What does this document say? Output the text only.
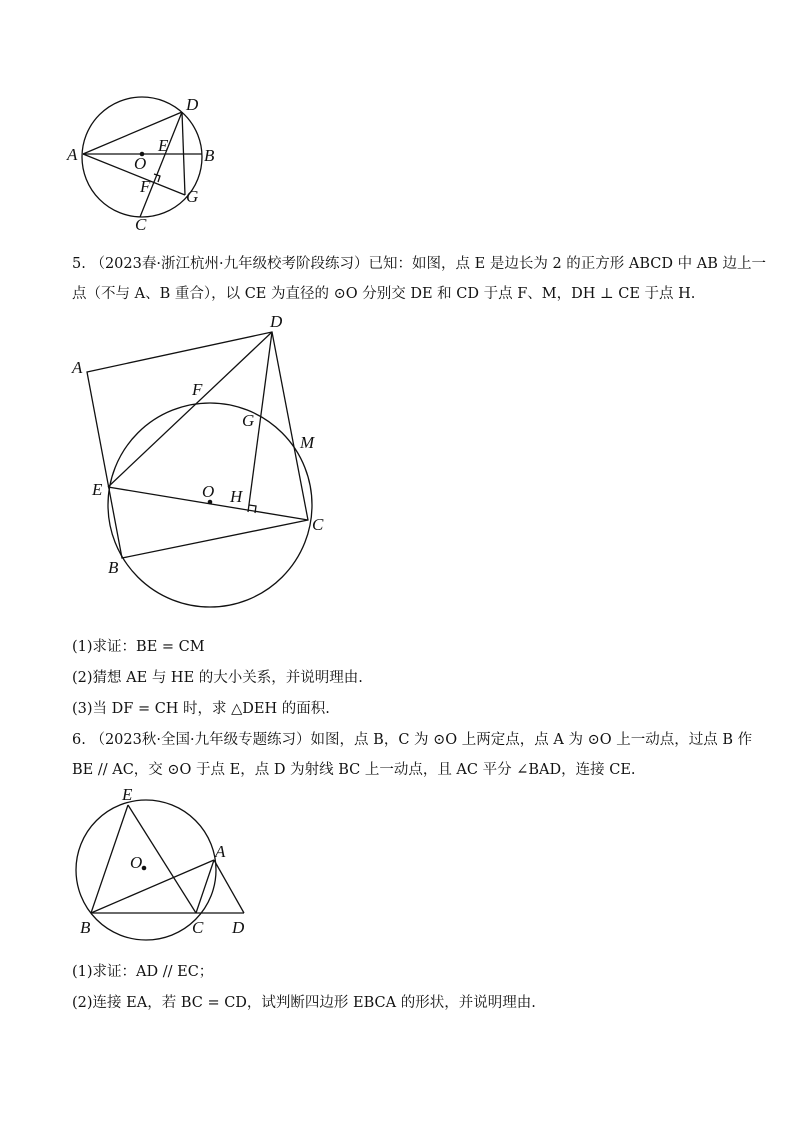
D
A	E
O	B
F
G
C
5. （2023春·浙江杭州·九年级校考阶段练习）已知：如图，点 E 是边长为 2 的正方形 ABCD 中 AB 边上一
点（不与 A、B 重合），以 CE 为直径的 ⊙O 分别交 DE 和 CD 于点 F、M，DH ⊥ CE 于点 H.
D
A
F
G
M
E	O H
C
B
(1)求证：BE = CM
(2)猜想 AE 与 HE 的大小关系，并说明理由.
(3)当 DF = CH 时，求 △DEH 的面积.
6. （2023秋·全国·九年级专题练习）如图，点 B，C 为 ⊙O 上两定点，点 A 为 ⊙O 上一动点，过点 B 作
BE // AC，交 ⊙O 于点 E，点 D 为射线 BC 上一动点，且 AC 平分 ∠BAD，连接 CE.
E
A
O
B	C D
(1)求证：AD // EC；
(2)连接 EA，若 BC = CD，试判断四边形 EBCA 的形状，并说明理由.
